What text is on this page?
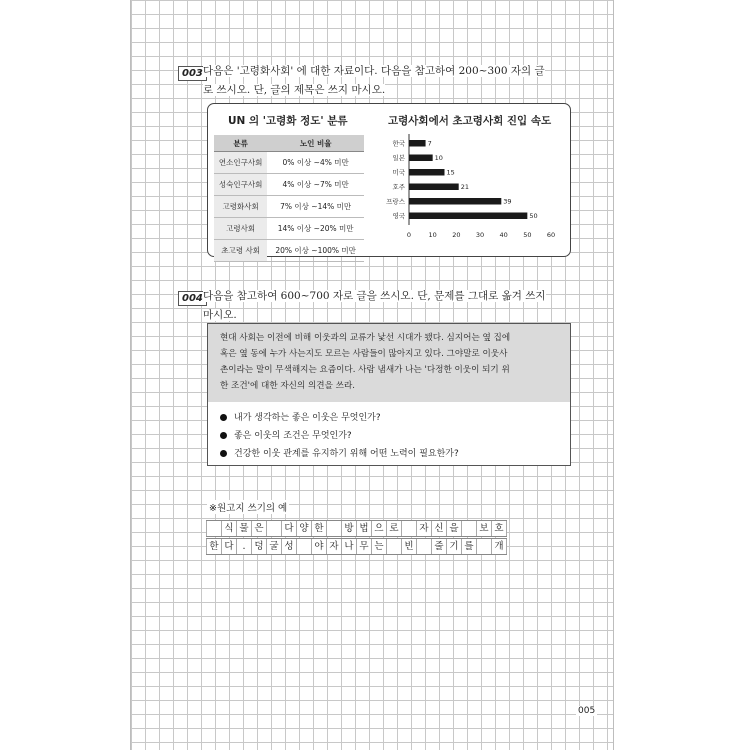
003 다음은 '고령화사회' 에 대한 자료이다. 다음을 참고하여 200~300 자의 글
로 쓰시오. 단, 글의 제목은 쓰지 마시오.
UN 의 '고령화 정도' 분류
분류	노인 비율
연소인구사회	0% 이상 ~4% 미만
성숙인구사회	4% 이상 ~7% 미만
고령화사회	7% 이상 ~14% 미만
고령사회	14% 이상 ~20% 미만
초고령 사회	20% 이상 ~100% 미만
고령사회에서 초고령사회 진입 속도
한국	7
일본	10
미국	15
호주	21
프랑스	39
영국	50
0	10 20 30 40 50 60
004 다음을 참고하여 600~700 자로 글을 쓰시오. 단, 문제를 그대로 옮겨 쓰지
마시오.
현대 사회는 이전에 비해 이웃과의 교류가 낯선 시대가 됐다. 심지어는 옆 집에
혹은 옆 동에 누가 사는지도 모르는 사람들이 많아지고 있다. 그야말로 이웃사
촌이라는 말이 무색해지는 요즘이다. 사람 냄새가 나는 '다정한 이웃이 되기 위
한 조건'에 대한 자신의 의견을 쓰라.
내가 생각하는 좋은 이웃은 무엇인가?
좋은 이웃의 조건은 무엇인가?
건강한 이웃 관계를 유지하기 위해 어떤 노력이 필요한가?
※원고지 쓰기의 예
식 물 은	다 양 한	방 법 으 로	자 신 을	보 호
한 다 . 덩 굴 성	야 자 나 무 는	빈	줄 기 를	개
005
